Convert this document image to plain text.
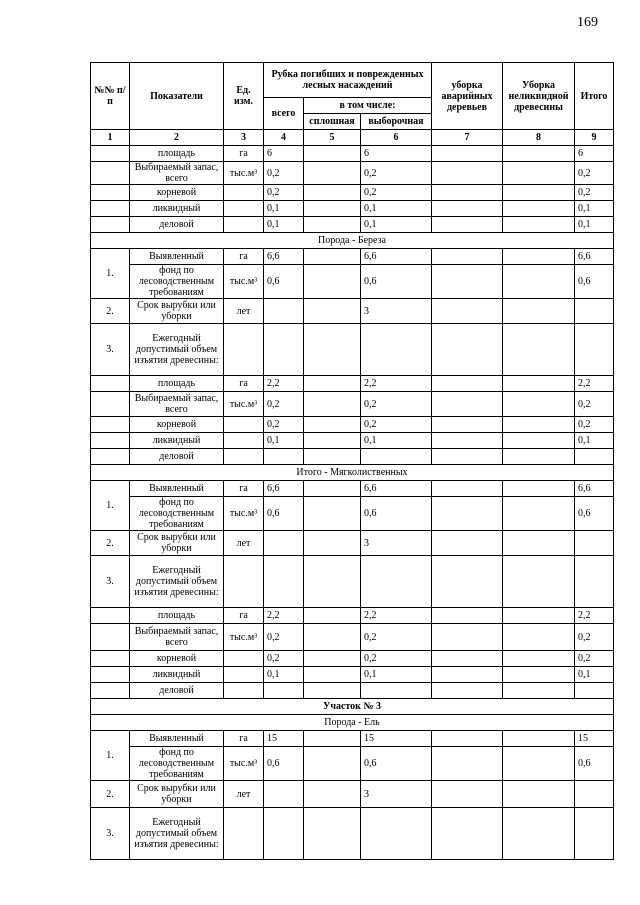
169
№№ п/п	Показатели	Ед. изм.	Рубка погибших и поврежденных лесных насаждений			уборка аварийных деревьев	Уборка неликвидной древесины	Итого
			всего	в том числе:				
				сплошная	выборочная			

1	2	3	4	5	6	7	8	9
	площадь	га	6		6			6
	Выбираемый запас, всего	тыс.м³	0,2		0,2			0,2
	корневой		0,2		0,2			0,2
	ликвидный		0,1		0,1			0,1
	деловой		0,1		0,1			0,1
Порода - Береза								
1.	Выявленный	га	6,6		6,6			6,6
	фонд по лесоводственным требованиям	тыс.м³	0,6		0,6			0,6
2.	Срок вырубки или уборки	лет			3			
3.	Ежегодный допустимый объем изъятия древесины:							
	площадь	га	2,2		2,2			2,2
	Выбираемый запас, всего	тыс.м³	0,2		0,2			0,2
	корневой		0,2		0,2			0,2
	ликвидный		0,1		0,1			0,1
	деловой							
Итого - Мягколиственных								
1.	Выявленный	га	6,6		6,6			6,6
	фонд по лесоводственным требованиям	тыс.м³	0,6		0,6			0,6
2.	Срок вырубки или уборки	лет			3			
3.	Ежегодный допустимый объем изъятия древесины:							
	площадь	га	2,2		2,2			2,2
	Выбираемый запас, всего	тыс.м³	0,2		0,2			0,2
	корневой		0,2		0,2			0,2
	ликвидный		0,1		0,1			0,1
	деловой							
Участок № 3								
Порода - Ель								
1.	Выявленный	га	15		15			15
	фонд по лесоводственным требованиям	тыс.м³	0,6		0,6			0,6
2.	Срок вырубки или уборки	лет			3			
3.	Ежегодный допустимый объем изъятия древесины:							
